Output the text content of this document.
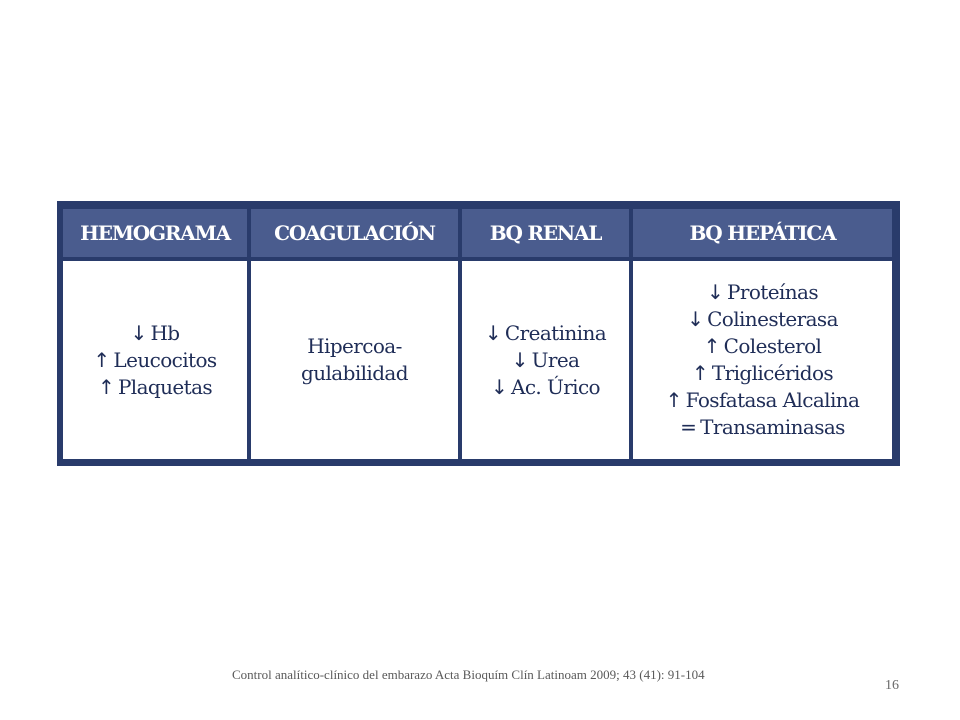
HEMOGRAMA
↓ Hb
↑ Leucocitos
↑ Plaquetas
COAGULACIÓN
Hipercoa-
gulabilidad
BQ RENAL
↓ Creatinina
↓ Urea
↓ Ac. Úrico
BQ HEPÁTICA
↓ Proteínas
↓ Colinesterasa
↑ Colesterol
↑ Triglicéridos
↑ Fosfatasa Alcalina
= Transaminasas
Control analítico-clínico del embarazo Acta Bioquím Clín Latinoam 2009; 43 (41): 91-104
16
